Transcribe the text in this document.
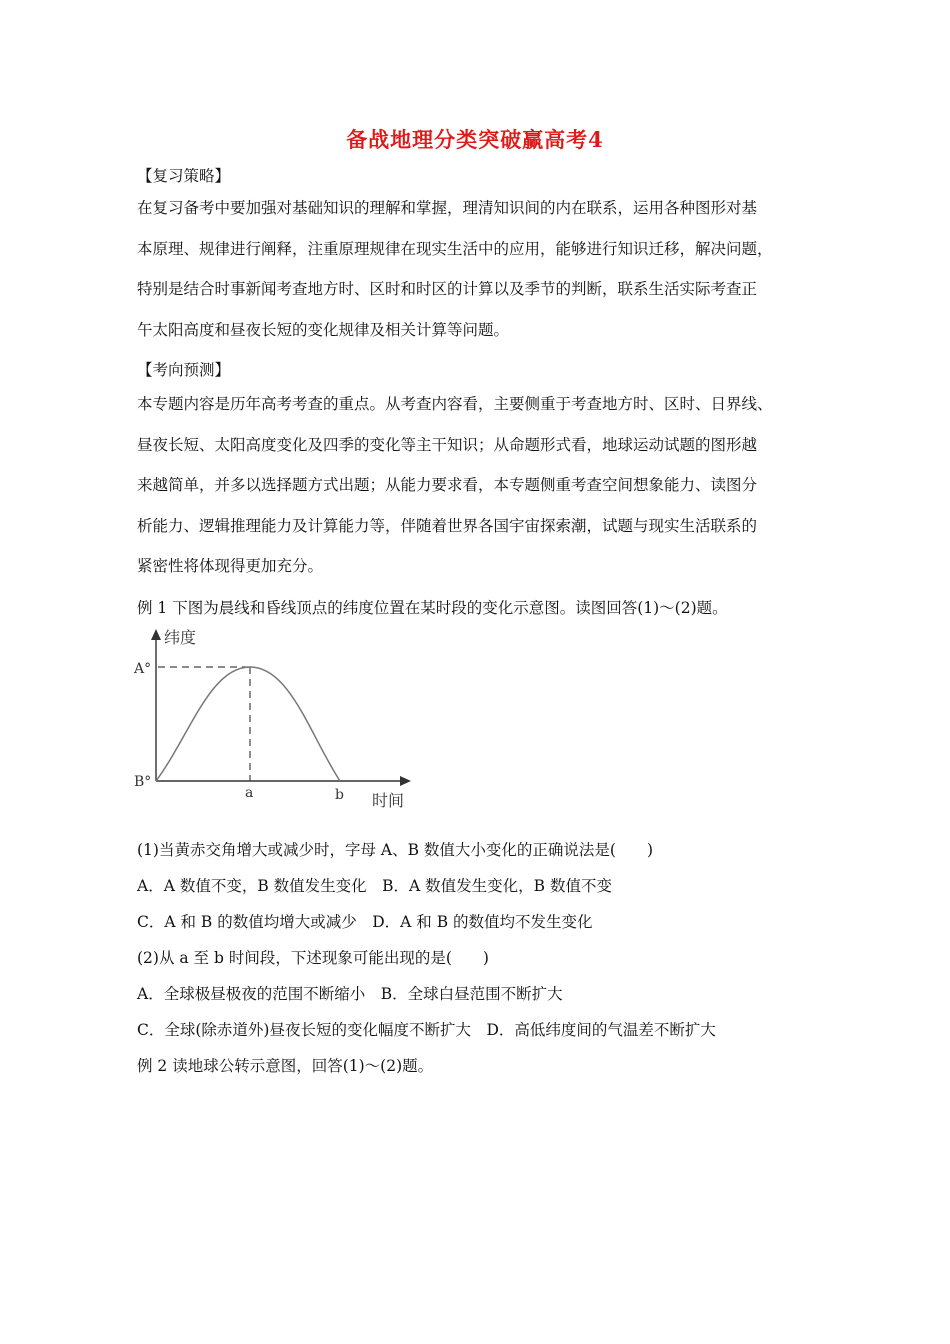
备战地理分类突破赢高考4
【复习策略】
在复习备考中要加强对基础知识的理解和掌握，理清知识间的内在联系，运用各种图形对基
本原理、规律进行阐释，注重原理规律在现实生活中的应用，能够进行知识迁移，解决问题，
特别是结合时事新闻考查地方时、区时和时区的计算以及季节的判断，联系生活实际考查正
午太阳高度和昼夜长短的变化规律及相关计算等问题。
【考向预测】
本专题内容是历年高考考查的重点。从考查内容看，主要侧重于考查地方时、区时、日界线、
昼夜长短、太阳高度变化及四季的变化等主干知识；从命题形式看，地球运动试题的图形越
来越简单，并多以选择题方式出题；从能力要求看，本专题侧重考查空间想象能力、读图分
析能力、逻辑推理能力及计算能力等，伴随着世界各国宇宙探索潮，试题与现实生活联系的
紧密性将体现得更加充分。
例 1 下图为晨线和昏线顶点的纬度位置在某时段的变化示意图。读图回答(1)～(2)题。
纬度
A°
B°
a	b 时间
(1)当黄赤交角增大或减少时，字母 A、B 数值大小变化的正确说法是(　　)
A．A 数值不变，B 数值发生变化　B．A 数值发生变化，B 数值不变
C．A 和 B 的数值均增大或减少　D．A 和 B 的数值均不发生变化
(2)从 a 至 b 时间段，下述现象可能出现的是(　　)
A．全球极昼极夜的范围不断缩小　B．全球白昼范围不断扩大
C．全球(除赤道外)昼夜长短的变化幅度不断扩大　D．高低纬度间的气温差不断扩大
例 2 读地球公转示意图，回答(1)～(2)题。
